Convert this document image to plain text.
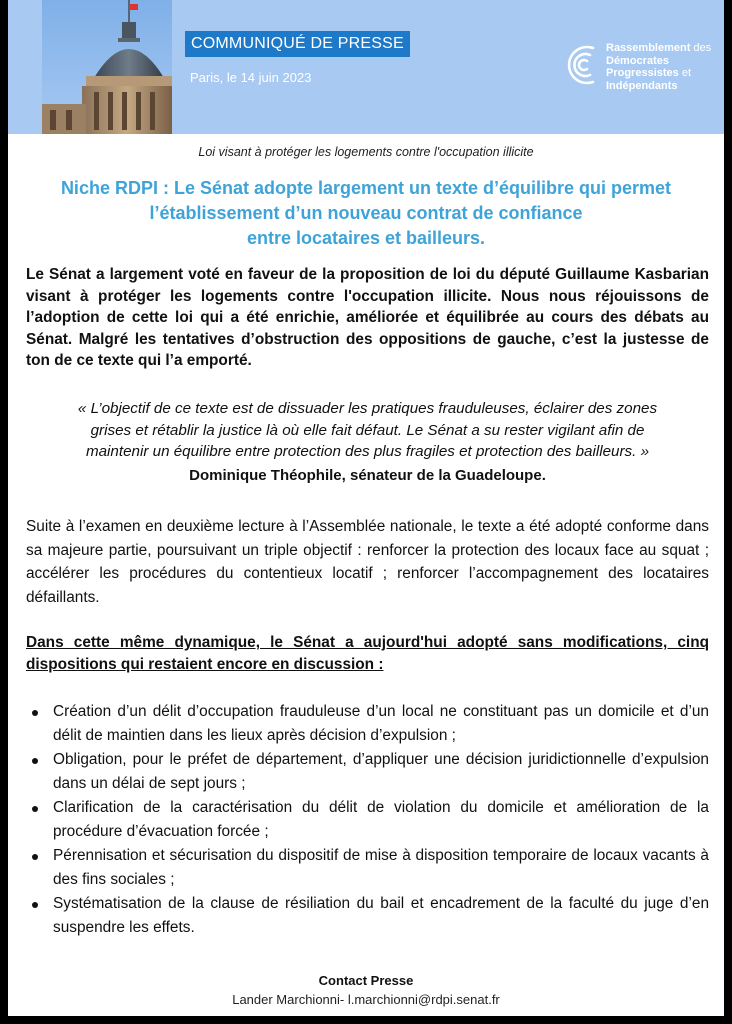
COMMUNIQUÉ DE PRESSE
Paris, le 14 juin 2023
Rassemblement des
Démocrates
Progressistes et
Indépendants
Loi visant à protéger les logements contre l'occupation illicite
Niche RDPI : Le Sénat adopte largement un texte d’équilibre qui permet
l’établissement d’un nouveau contrat de confiance
entre locataires et bailleurs.
Le Sénat a largement voté en faveur de la proposition de loi du député Guillaume Kasbarian visant à protéger les logements contre l'occupation illicite. Nous nous réjouissons de l’adoption de cette loi qui a été enrichie, améliorée et équilibrée au cours des débats au Sénat. Malgré les tentatives d’obstruction des oppositions de gauche, c’est la justesse de ton de ce texte qui l’a emporté.
« L’objectif de ce texte est de dissuader les pratiques frauduleuses, éclairer des zones
grises et rétablir la justice là où elle fait défaut. Le Sénat a su rester vigilant afin de
maintenir un équilibre entre protection des plus fragiles et protection des bailleurs. »
Dominique Théophile, sénateur de la Guadeloupe.
Suite à l’examen en deuxième lecture à l’Assemblée nationale, le texte a été adopté conforme dans sa majeure partie, poursuivant un triple objectif : renforcer la protection des locaux face au squat ; accélérer les procédures du contentieux locatif ; renforcer l’accompagnement des locataires défaillants.
Dans cette même dynamique, le Sénat a aujourd'hui adopté sans modifications, cinq dispositions qui restaient encore en discussion :
Création d’un délit d’occupation frauduleuse d’un local ne constituant pas un domicile et d’un délit de maintien dans les lieux après décision d’expulsion ;
Obligation, pour le préfet de département, d’appliquer une décision juridictionnelle d’expulsion dans un délai de sept jours ;
Clarification de la caractérisation du délit de violation du domicile et amélioration de la procédure d’évacuation forcée ;
Pérennisation et sécurisation du dispositif de mise à disposition temporaire de locaux vacants à des fins sociales ;
Systématisation de la clause de résiliation du bail et encadrement de la faculté du juge d’en suspendre les effets.
Contact Presse
Lander Marchionni- l.marchionni@rdpi.senat.fr
